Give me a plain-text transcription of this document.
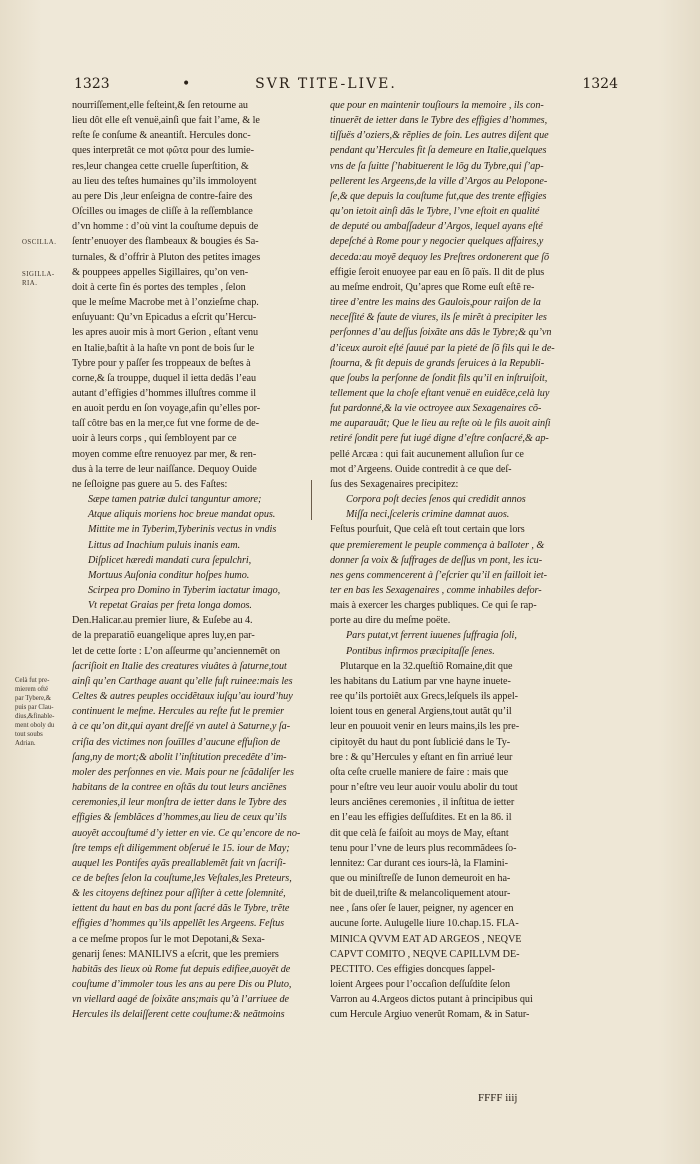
1323	•	SVR TITE-LIVE.	1324
OSCILLA.
SIGILLA-
RIA.
Celà fut pre-
mierem ofté
par Tybere,&
puis par Clau-
dius,&finable-
ment oboly du
tout soubs
Adrian.
nourriſſement,elle feſteint,& ſen retourne au
lieu dôt elle eſt venuë,ainſi que fait l’ame, & le
reſte ſe conſume & aneantiſt. Hercules donc-
ques interpretât ce mot φῶτα pour des lumie-
res,leur changea cette cruelle ſuperſtition, &
au lieu des teſtes humaines qu’ils immoloyent
au pere Dis ,leur enſeigna de contre-faire des
Oſcilles ou images de cliſſe à la reſſemblance
d’vn homme : d’où vint la couſtume depuis de
ſentr’enuoyer des flambeaux & bougies és Sa-
turnales, & d’offrir à Pluton des petites images
& pouppees appelles Sigillaires, qu’on ven-
doit à certe fin és portes des temples , ſelon
que le meſme Macrobe met à l’onzieſme chap.
enſuyuant: Qu’vn Epicadus a eſcrit qu’Hercu-
les apres auoir mis à mort Gerion , eſtant venu
en Italie,baſtit à la haſte vn pont de bois ſur le
Tybre pour y paſſer ſes troppeaux de beſtes à
corne,& ſa trouppe, duquel il ietta dedâs l’eau
autant d’effigies d’hommes illuſtres comme il
en auoit perdu en ſon voyage,afin qu’elles por-
taſſ côtre bas en la mer,ce fut vne forme de de-
uoir à leurs corps , qui ſembloyent par ce
moyen comme eſtre renuoyez par mer, & ren-
dus à la terre de leur naiſſance. Dequoy Ouide
ne ſeſloigne pas guere au 5. des Faſtes:
Sæpe tamen patriæ dulci tanguntur amore;
Atque aliquis moriens hoc breue mandat opus.
Mittite me in Tyberim,Tyberinis vectus in vndis
Littus ad Inachium puluis inanis eam.
Diſplicet hæredi mandati cura ſepulchri,
Mortuus Auſonia conditur hoſpes humo.
Scirpea pro Domino in Tyberim iactatur imago,
Vt repetat Graias per freta longa domos.
Den.Halicar.au premier liure, & Euſebe au 4.
de la preparatiõ euangelique apres luy,en par-
let de cette ſorte : L’on aſſeurme qu’anciennemẽt on
ſacriſioit en Italie des creatures viuâtes à ſaturne,tout
ainſi qu’en Carthage auant qu’elle fuſt ruinee:mais les
Celtes & autres peuples occidẽtaux iuſqu’au iourd’huy
continuent le meſme. Hercules au reſte fut le premier
à ce qu’on dit,qui ayant dreſſé vn autel à Saturne,y ſa-
criſia des victimes non ſouïlles d’aucune effuſion de
ſang,ny de mort;& abolit l’inſtitution precedẽte d’im-
moler des perſonnes en vie. Mais pour ne ſcãdaliſer les
habitans de la contree en oſtãs du tout leurs anciẽnes
ceremonies,il leur monſtra de ietter dans le Tybre des
effigies & ſemblãces d’hommes,au lieu de ceux qu’ils
auoyẽt accouſtumé d’y ietter en vie. Ce qu’encore de no-
ſtre temps eſt diligemment obſerué le 15. iour de May;
auquel les Pontifes ayãs preallablemẽt fait vn ſacriſi-
ce de beſtes ſelon la couſtume,les Veſtales,les Preteurs,
& les citoyens deſtinez pour aſſiſter à cette ſolemnité,
iettent du haut en bas du pont ſacré dãs le Tybre, trẽte
effigies d’hommes qu’ils appellẽt les Argeens. Feſtus
a ce meſme propos ſur le mot Depotani,& Sexa-
genarij ſenes: MANILIVS a eſcrit, que les premiers
habitãs des lieux où Rome fut depuis edifiee,auoyẽt de
couſtume d’immoler tous les ans au pere Dis ou Pluto,
vn viellard aagé de ſoixãte ans;mais qu’à l’arriuee de
Hercules ils delaiſſerent cette couſtume:& neãtmoins
que pour en maintenir touſiours la memoire , ils con-
tinuerẽt de ietter dans le Tybre des effigies d’hommes,
tiſſuës d’oziers,& rẽplies de foin. Les autres diſent que
pendant qu’Hercules fit ſa demeure en Italie,quelques
vns de ſa ſuitte ſ’habituerent le lõg du Tybre,qui ſ’ap-
pellerent les Argeens,de la ville d’Argos au Pelopone-
ſe,& que depuis la couſtume fut,que des trente effigies
qu’on ietoit ainſi dãs le Tybre, l’vne eſtoit en qualité
de deputé ou ambaſſadeur d’Argos, lequel ayans eſté
depeſché à Rome pour y negocier quelques affaires,y
deceda:au moyẽ dequoy les Preſtres ordonerent que ſõ
effigie ſeroit enuoyee par eau en ſõ païs. Il dit de plus
au meſme endroit, Qu’apres que Rome euſt eſtẽ re-
tiree d’entre les mains des Gaulois,pour raiſon de la
neceſſité & faute de viures, ils ſe mirẽt à precipiter les
perſonnes d’au deſſus ſoixãte ans dãs le Tybre;& qu’vn
d’iceux auroit eſté ſauué par la pieté de ſõ fils qui le de-
ſtourna, & fit depuis de grands ſeruices à la Republi-
que ſoubs la perſonne de ſondit fils qu’il en inſtruiſoit,
tellement que la choſe eſtant venuë en euidẽce,celà luy
fut pardonné,& la vie octroyee aux Sexagenaires cõ-
me auparauãt; Que le lieu au reſte où le fils auoit ainſi
retiré ſondit pere fut iugé digne d’eſtre conſacré,& ap-
pellé Arcæa : qui fait aucunement alluſion ſur ce
mot d’Argeens. Ouide contredit à ce que deſ-
ſus des Sexagenaires precipitez:
Corpora poſt decies ſenos qui credidit annos
Miſſa neci,ſceleris crimine damnat auos.
Feſtus pourſuit, Que celà eſt tout certain que lors
que premierement le peuple commença à balloter , &
donner ſa voix & ſuffrages de deſſus vn pont, les icu-
nes gens commencerent à ſ’eſcrier qu’il en failloit iet-
ter en bas les Sexagenaires , comme inhabiles defor-
mais à exercer les charges publiques. Ce qui ſe rap-
porte au dire du meſme poëte.
Pars putat,vt ferrent iuuenes ſuffragia ſoli,
Pontibus infirmos præcipitaſſe ſenes.
Plutarque en la 32.queſtiõ Romaine,dit que
les habitans du Latium par vne hayne inuete-
ree qu’ils portoiẽt aux Grecs,leſquels ils appel-
loient tous en general Argiens,tout autãt qu’il
leur en pouuoit venir en leurs mains,ils les pre-
cipitoyẽt du haut du pont ſublicié dans le Ty-
bre : & qu’Hercules y eſtant en fin arriué leur
oſta ceſte cruelle maniere de faire : mais que
pour n’eſtre veu leur auoir voulu abolir du tout
leurs anciẽnes ceremonies , il inſtitua de ietter
en l’eau les effigies deſſuſdites. Et en la 86. il
dit que celà ſe faiſoit au moys de May, eſtant
tenu pour l’vne de leurs plus recommãdees ſo-
lennitez: Car durant ces iours-là, la Flamini-
que ou miniſtreſſe de Iunon demeuroit en ha-
bit de dueil,triſte & melancoliquement atour-
nee , ſans oſer ſe lauer, peigner, ny agencer en
aucune ſorte. Aulugelle liure 10.chap.15. FLA-
MINICA QVVM EAT AD ARGEOS , NEQVE
CAPVT COMITO , NEQVE CAPILLVM DE-
PECTITO. Ces effigies doncques ſappel-
loient Argees pour l’occaſion deſſuſdite ſelon
Varron au 4.Argeos dictos putant à principibus qui
cum Hercule Argiuo venerũt Romam, & in Satur-
FFFF iiij
